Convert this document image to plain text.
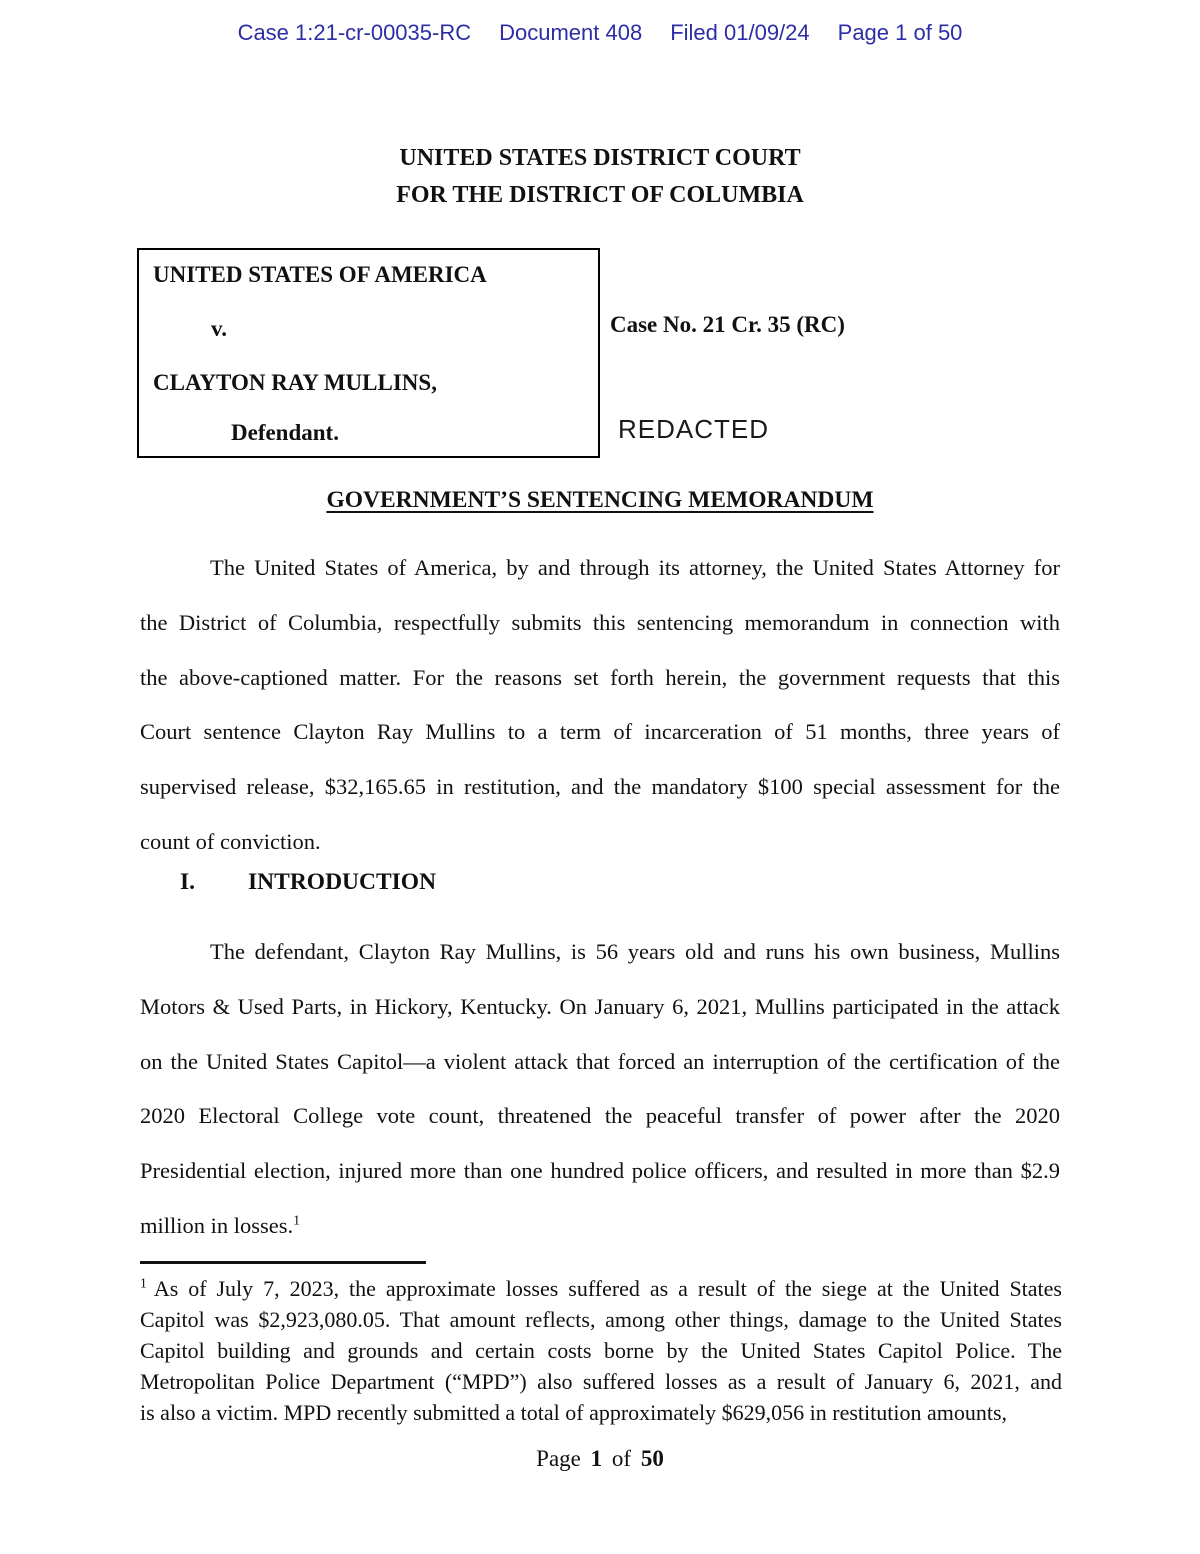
Case 1:21-cr-00035-RC Document 408 Filed 01/09/24 Page 1 of 50
UNITED STATES DISTRICT COURT
FOR THE DISTRICT OF COLUMBIA
UNITED STATES OF AMERICA
v.
CLAYTON RAY MULLINS,
Defendant.
Case No. 21 Cr. 35 (RC)
REDACTED
GOVERNMENT’S SENTENCING MEMORANDUM
The United States of America, by and through its attorney, the United States Attorney for
the District of Columbia, respectfully submits this sentencing memorandum in connection with
the above-captioned matter. For the reasons set forth herein, the government requests that this
Court sentence Clayton Ray Mullins to a term of incarceration of 51 months, three years of
supervised release, $32,165.65 in restitution, and the mandatory $100 special assessment for the
count of conviction.
I. INTRODUCTION
The defendant, Clayton Ray Mullins, is 56 years old and runs his own business, Mullins
Motors & Used Parts, in Hickory, Kentucky. On January 6, 2021, Mullins participated in the attack
on the United States Capitol—a violent attack that forced an interruption of the certification of the
2020 Electoral College vote count, threatened the peaceful transfer of power after the 2020
Presidential election, injured more than one hundred police officers, and resulted in more than $2.9
million in losses.$^1$
$^1$ As of July 7, 2023, the approximate losses suffered as a result of the siege at the United States
Capitol was $2,923,080.05. That amount reflects, among other things, damage to the United States
Capitol building and grounds and certain costs borne by the United States Capitol Police. The
Metropolitan Police Department (“MPD”) also suffered losses as a result of January 6, 2021, and
is also a victim. MPD recently submitted a total of approximately $629,056 in restitution amounts,
Page 1 of 50
